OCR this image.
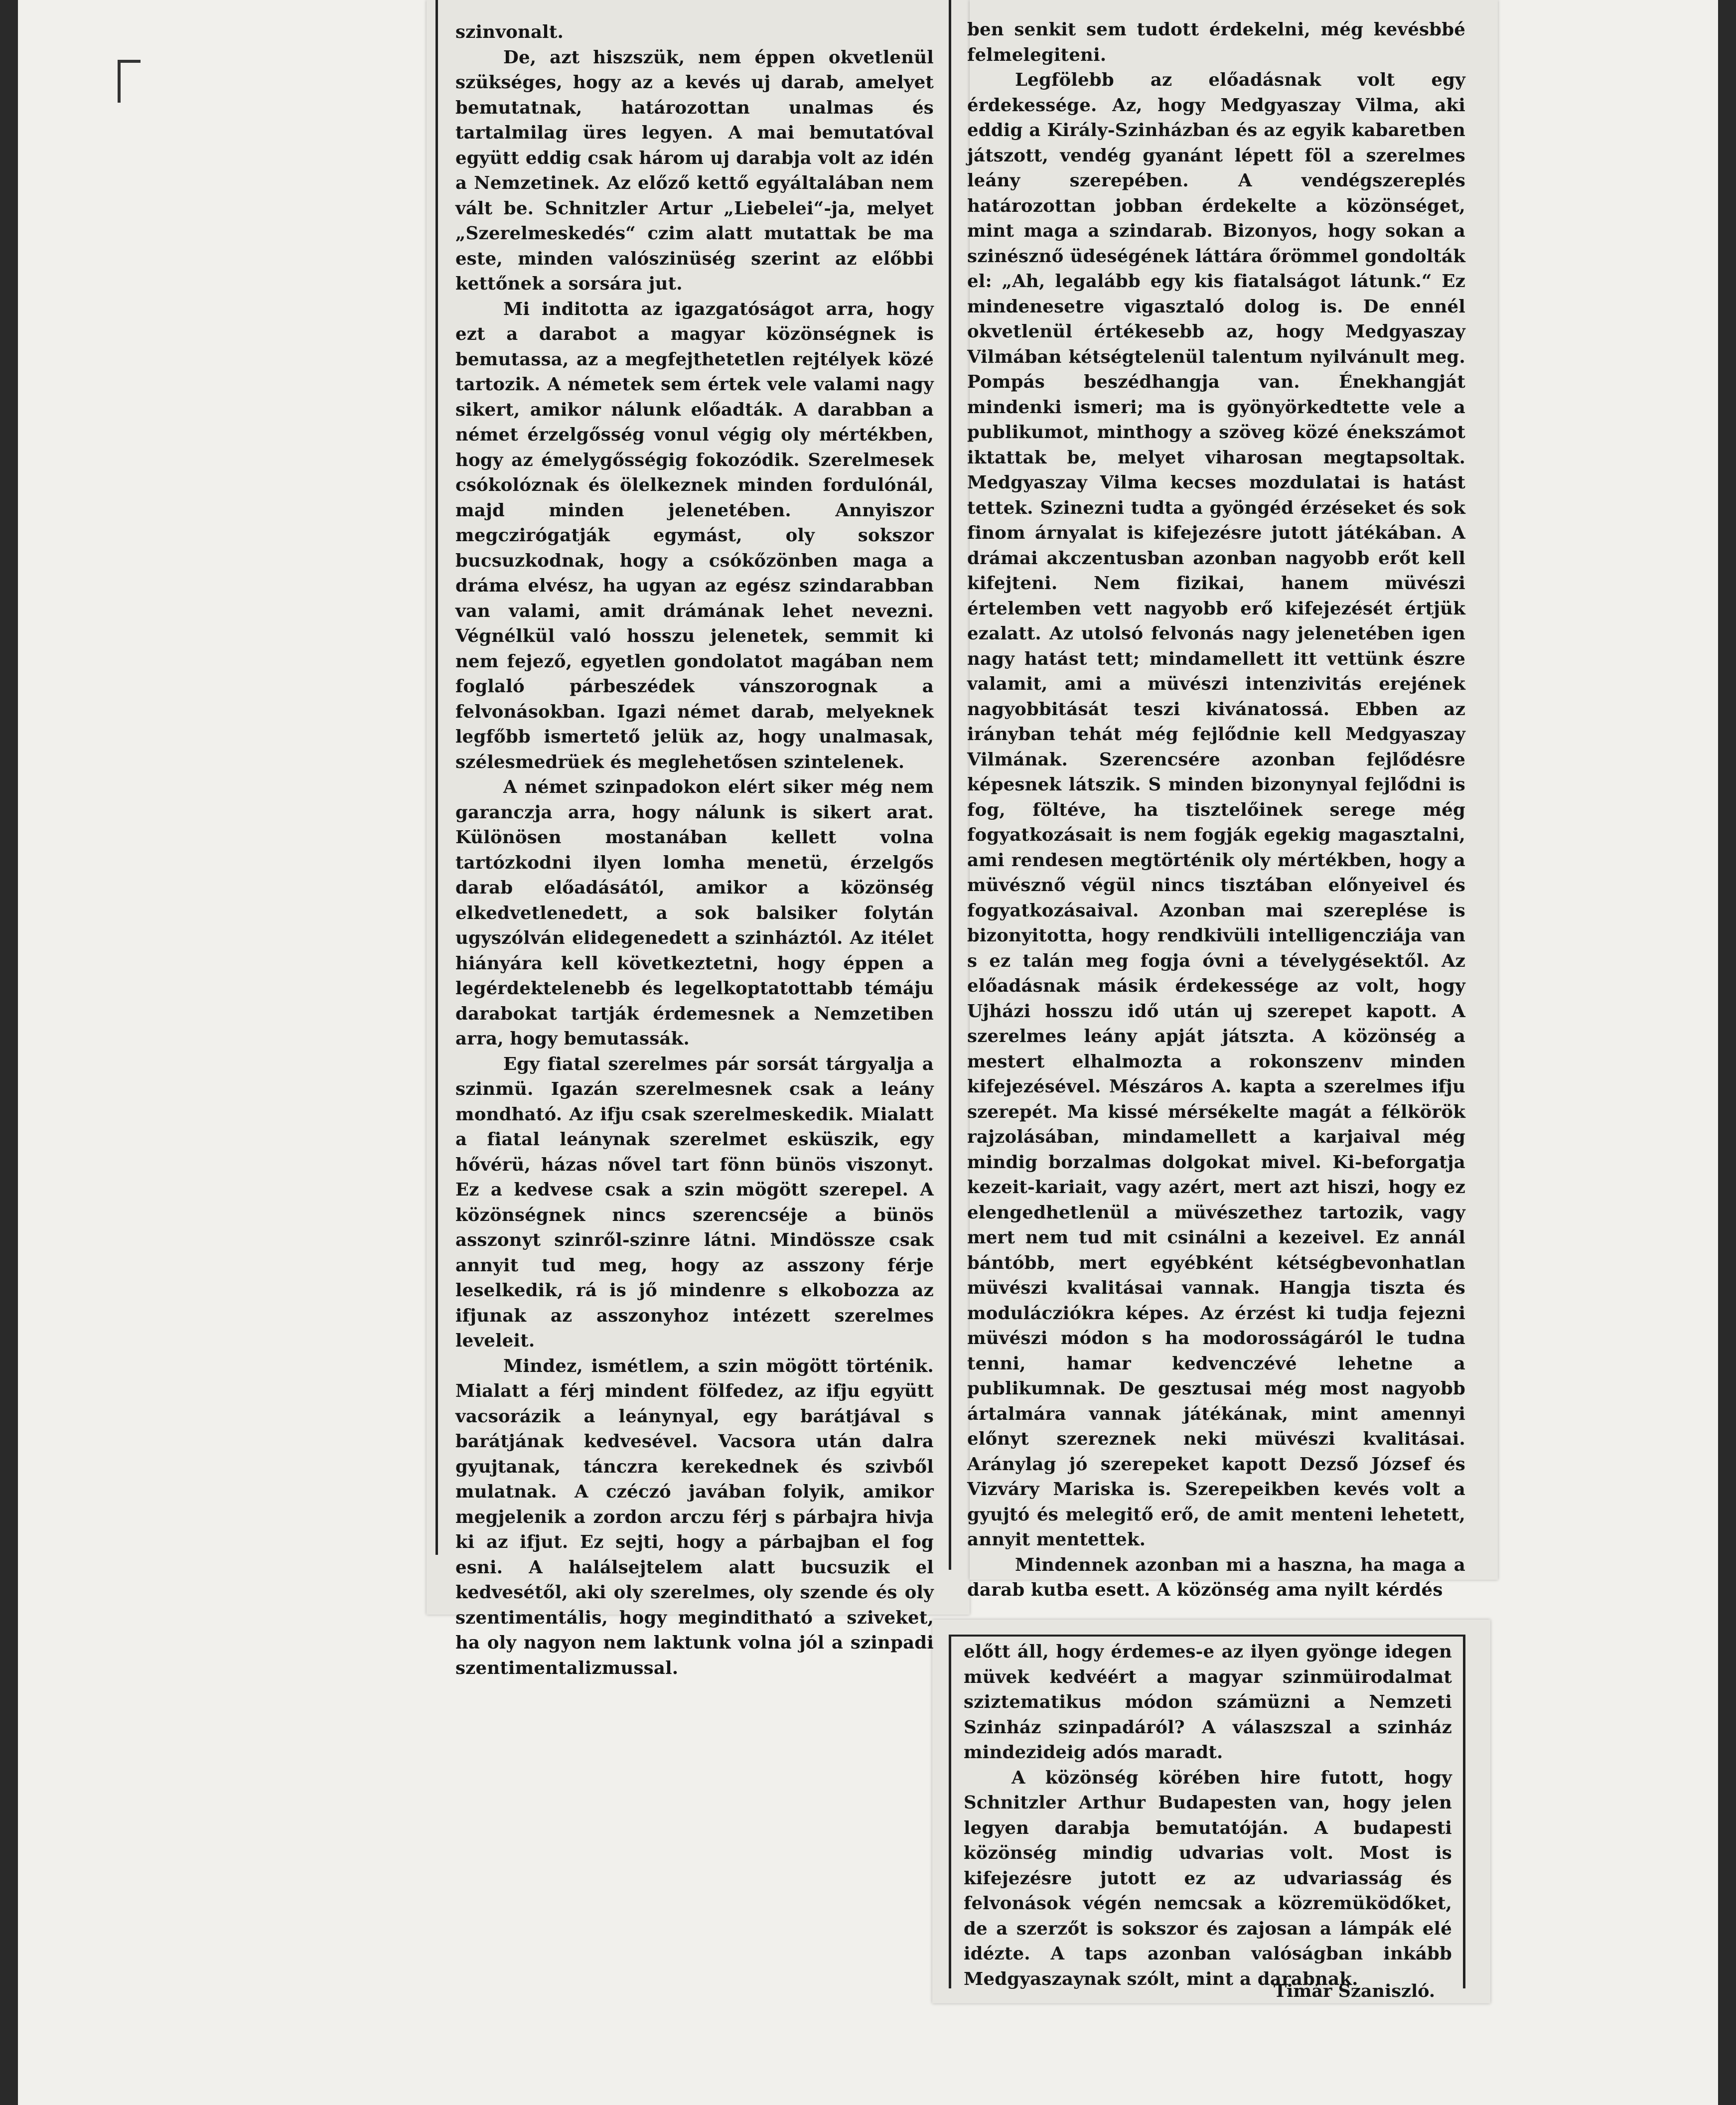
szinvonalt.

De, azt hiszszük, nem éppen okvetlenül szükséges, hogy az a kevés uj darab, amelyet bemutatnak, határozottan unalmas és tartalmilag üres legyen. A mai bemutatóval együtt eddig csak három uj darabja volt az idén a Nemzetinek. Az előző kettő egyáltalában nem vált be. Schnitzler Artur „Liebelei“-ja, melyet „Szerelmeskedés“ czim alatt mutattak be ma este, minden valószinüség szerint az előbbi kettőnek a sorsára jut.

Mi inditotta az igazgatóságot arra, hogy ezt a darabot a magyar közönségnek is bemutassa, az a megfejthetetlen rejtélyek közé tartozik. A németek sem értek vele valami nagy sikert, amikor nálunk előadták. A darabban a német érzelgősség vonul végig oly mértékben, hogy az émelygősségig fokozódik. Szerelmesek csókolóznak és ölelkeznek minden fordulónál, majd minden jelenetében. Annyiszor megczirógatják egymást, oly sokszor bucsuzkodnak, hogy a csókőzönben maga a dráma elvész, ha ugyan az egész szindarabban van valami, amit drámának lehet nevezni. Végnélkül való hosszu jelenetek, semmit ki nem fejező, egyetlen gondolatot magában nem foglaló párbeszédek vánszorognak a felvonásokban. Igazi német darab, melyeknek legfőbb ismertető jelük az, hogy unalmasak, szélesmedrüek és meglehetősen szintelenek.

A német szinpadokon elért siker még nem garanczja arra, hogy nálunk is sikert arat. Különösen mostanában kellett volna tartózkodni ilyen lomha menetü, érzelgős darab előadásától, amikor a közönség elkedvetlenedett, a sok balsiker folytán ugyszólván elidegenedett a szinháztól. Az itélet hiányára kell következtetni, hogy éppen a legérdektelenebb és legelkoptatottabb témáju darabokat tartják érdemesnek a Nemzetiben arra, hogy bemutassák.

Egy fiatal szerelmes pár sorsát tárgyalja a szinmü. Igazán szerelmesnek csak a leány mondható. Az ifju csak szerelmeskedik. Mialatt a fiatal leánynak szerelmet esküszik, egy hővérü, házas nővel tart fönn bünös viszonyt. Ez a kedvese csak a szin mögött szerepel. A közönségnek nincs szerencséje a bünös asszonyt szinről-szinre látni. Mindössze csak annyit tud meg, hogy az asszony férje leselkedik, rá is jő mindenre s elkobozza az ifjunak az asszonyhoz intézett szerelmes leveleit.

Mindez, ismétlem, a szin mögött történik. Mialatt a férj mindent fölfedez, az ifju együtt vacsorázik a leánynyal, egy barátjával s barátjának kedvesével. Vacsora után dalra gyujtanak, tánczra kerekednek és szivből mulatnak. A czéczó javában folyik, amikor megjelenik a zordon arczu férj s párbajra hivja ki az ifjut. Ez sejti, hogy a párbajban el fog esni. A halálsejtelem alatt bucsuzik el kedvesétől, aki oly szerelmes, oly szende és oly szentimentális, hogy meginditható a sziveket, ha oly nagyon nem laktunk volna jól a szinpadi szentimentalizmussal.

ben senkit sem tudott érdekelni, még kevésbbé felmelegiteni.

Legfölebb az előadásnak volt egy érdekessége. Az, hogy Medgyaszay Vilma, aki eddig a Király-Szinházban és az egyik kabaretben játszott, vendég gyanánt lépett föl a szerelmes leány szerepében. A vendégszereplés határozottan jobban érdekelte a közönséget, mint maga a szindarab. Bizonyos, hogy sokan a szinésznő üdeségének láttára őrömmel gondolták el: „Ah, legalább egy kis fiatalságot látunk.“ Ez mindenesetre vigasztaló dolog is. De ennél okvetlenül értékesebb az, hogy Medgyaszay Vilmában kétségtelenül talentum nyilvánult meg. Pompás beszédhangja van. Énekhangját mindenki ismeri; ma is gyönyörkedtette vele a publikumot, minthogy a szöveg közé énekszámot iktattak be, melyet viharosan megtapsoltak. Medgyaszay Vilma kecses mozdulatai is hatást tettek. Szinezni tudta a gyöngéd érzéseket és sok finom árnyalat is kifejezésre jutott játékában. A drámai akczentusban azonban nagyobb erőt kell kifejteni. Nem fizikai, hanem müvészi értelemben vett nagyobb erő kifejezését értjük ezalatt. Az utolsó felvonás nagy jelenetében igen nagy hatást tett; mindamellett itt vettünk észre valamit, ami a müvészi intenzivitás erejének nagyobbitását teszi kivánatossá. Ebben az irányban tehát még fejlődnie kell Medgyaszay Vilmának. Szerencsére azonban fejlődésre képesnek látszik. S minden bizonynyal fejlődni is fog, föltéve, ha tisztelőinek serege még fogyatkozásait is nem fogják egekig magasztalni, ami rendesen megtörténik oly mértékben, hogy a müvésznő végül nincs tisztában előnyeivel és fogyatkozásaival. Azonban mai szereplése is bizonyitotta, hogy rendkivüli intelligencziája van s ez talán meg fogja óvni a tévelygésektől. Az előadásnak másik érdekessége az volt, hogy Ujházi hosszu idő után uj szerepet kapott. A szerelmes leány apját játszta. A közönség a mestert elhalmozta a rokonszenv minden kifejezésével. Mészáros A. kapta a szerelmes ifju szerepét. Ma kissé mérsékelte magát a félkörök rajzolásában, mindamellett a karjaival még mindig borzalmas dolgokat mivel. Ki-beforgatja kezeit-kariait, vagy azért, mert azt hiszi, hogy ez elengedhetlenül a müvészethez tartozik, vagy mert nem tud mit csinálni a kezeivel. Ez annál bántóbb, mert egyébként kétségbevonhatlan müvészi kvalitásai vannak. Hangja tiszta és modulácziókra képes. Az érzést ki tudja fejezni müvészi módon s ha modorosságáról le tudna tenni, hamar kedvenczévé lehetne a publikumnak. De gesztusai még most nagyobb ártalmára vannak játékának, mint amennyi előnyt szereznek neki müvészi kvalitásai. Aránylag jó szerepeket kapott Dezső József és Vizváry Mariska is. Szerepeikben kevés volt a gyujtó és melegitő erő, de amit menteni lehetett, annyit mentettek.

Mindennek azonban mi a haszna, ha maga a darab kutba esett. A közönség ama nyilt kérdés

előtt áll, hogy érdemes-e az ilyen gyönge idegen müvek kedvéért a magyar szinmüirodalmat sziztematikus módon számüzni a Nemzeti Szinház szinpadáról? A válaszszal a szinház mindezideig adós maradt.

A közönség körében hire futott, hogy Schnitzler Arthur Budapesten van, hogy jelen legyen darabja bemutatóján. A budapesti közönség mindig udvarias volt. Most is kifejezésre jutott ez az udvariasság és felvonások végén nemcsak a közremüködőket, de a szerzőt is sokszor és zajosan a lámpák elé idézte. A taps azonban valóságban inkább Medgyaszaynak szólt, mint a darabnak.

Timár Szaniszló.
